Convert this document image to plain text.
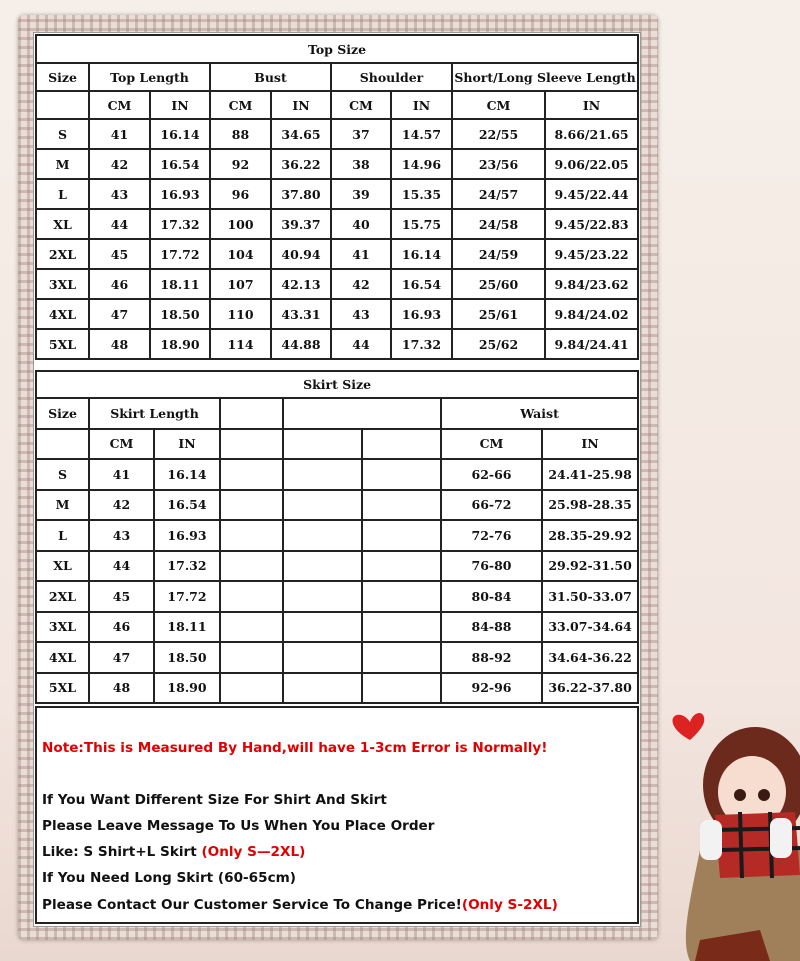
Top Size								
Size	Top Length		Bust		Shoulder		Short/Long Sleeve Length	
	CM	IN	CM	IN	CM	IN	CM	IN
S	41	16.14	88	34.65	37	14.57	22/55	8.66/21.65
M	42	16.54	92	36.22	38	14.96	23/56	9.06/22.05
L	43	16.93	96	37.80	39	15.35	24/57	9.45/22.44
XL	44	17.32	100	39.37	40	15.75	24/58	9.45/22.83
2XL	45	17.72	104	40.94	41	16.14	24/59	9.45/23.22
3XL	46	18.11	107	42.13	42	16.54	25/60	9.84/23.62
4XL	47	18.50	110	43.31	43	16.93	25/61	9.84/24.02
5XL	48	18.90	114	44.88	44	17.32	25/62	9.84/24.41
Skirt Size							
Size	Skirt Length					Waist	
	CM	IN				CM	IN
S	41	16.14				62-66	24.41-25.98
M	42	16.54				66-72	25.98-28.35
L	43	16.93				72-76	28.35-29.92
XL	44	17.32				76-80	29.92-31.50
2XL	45	17.72				80-84	31.50-33.07
3XL	46	18.11				84-88	33.07-34.64
4XL	47	18.50				88-92	34.64-36.22
5XL	48	18.90				92-96	36.22-37.80
Note:This is Measured By Hand,will have 1-3cm Error is Normally!
If You Want Different Size For Shirt And Skirt
Please Leave Message To Us When You Place Order
Like: S Shirt+L Skirt (Only S—2XL)
If You Need Long Skirt (60-65cm)
Please Contact Our Customer Service To Change Price!(Only S-2XL)
